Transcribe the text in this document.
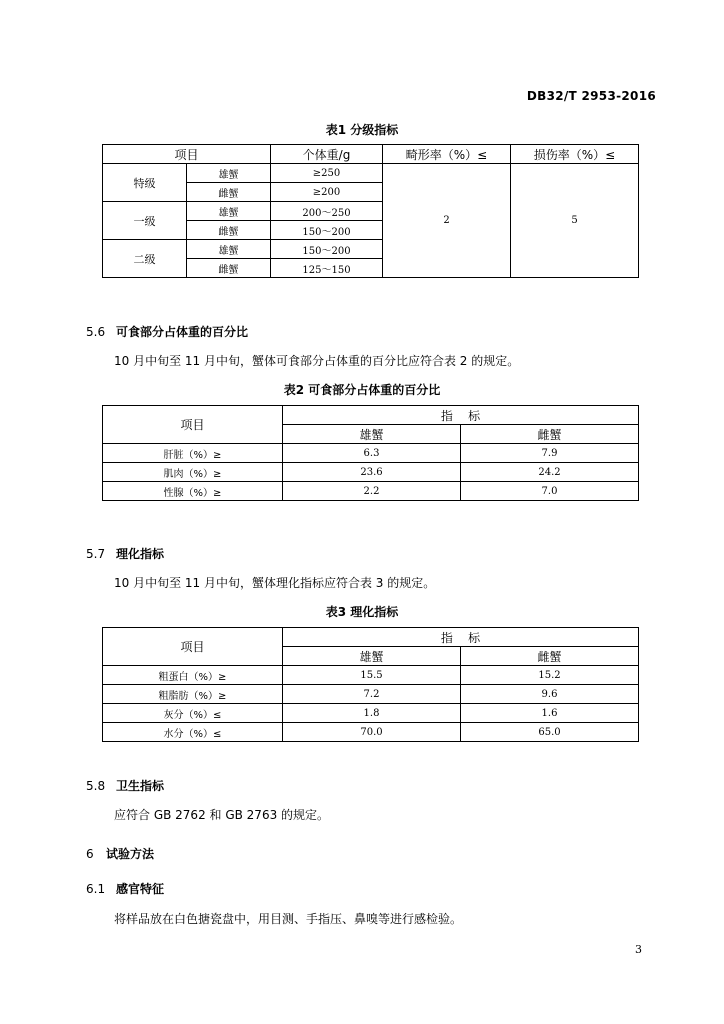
DB32/T 2953-2016
表1 分级指标
项目		个体重/g	畸形率（%）≤	损伤率（%）≤
特级	雄蟹	≥250	2	5
	雌蟹	≥200		
一级	雄蟹	200～250		
	雌蟹	150～200		
二级	雄蟹	150～200		
	雌蟹	125～150		
5.6 可食部分占体重的百分比
10 月中旬至 11 月中旬，蟹体可食部分占体重的百分比应符合表 2 的规定。
表2 可食部分占体重的百分比
项目	指    标	
	雄蟹	雌蟹
肝脏（%）≥	6.3	7.9
肌肉（%）≥	23.6	24.2
性腺（%）≥	2.2	7.0
5.7 理化指标
10 月中旬至 11 月中旬，蟹体理化指标应符合表 3 的规定。
表3 理化指标
项目	指    标	
	雄蟹	雌蟹
粗蛋白（%）≥	15.5	15.2
粗脂肪（%）≥	7.2	9.6
灰分（%）≤	1.8	1.6
水分（%）≤	70.0	65.0
5.8 卫生指标
应符合 GB 2762 和 GB 2763 的规定。
6 试验方法
6.1 感官特征
将样品放在白色搪瓷盘中，用目测、手指压、鼻嗅等进行感检验。
3
